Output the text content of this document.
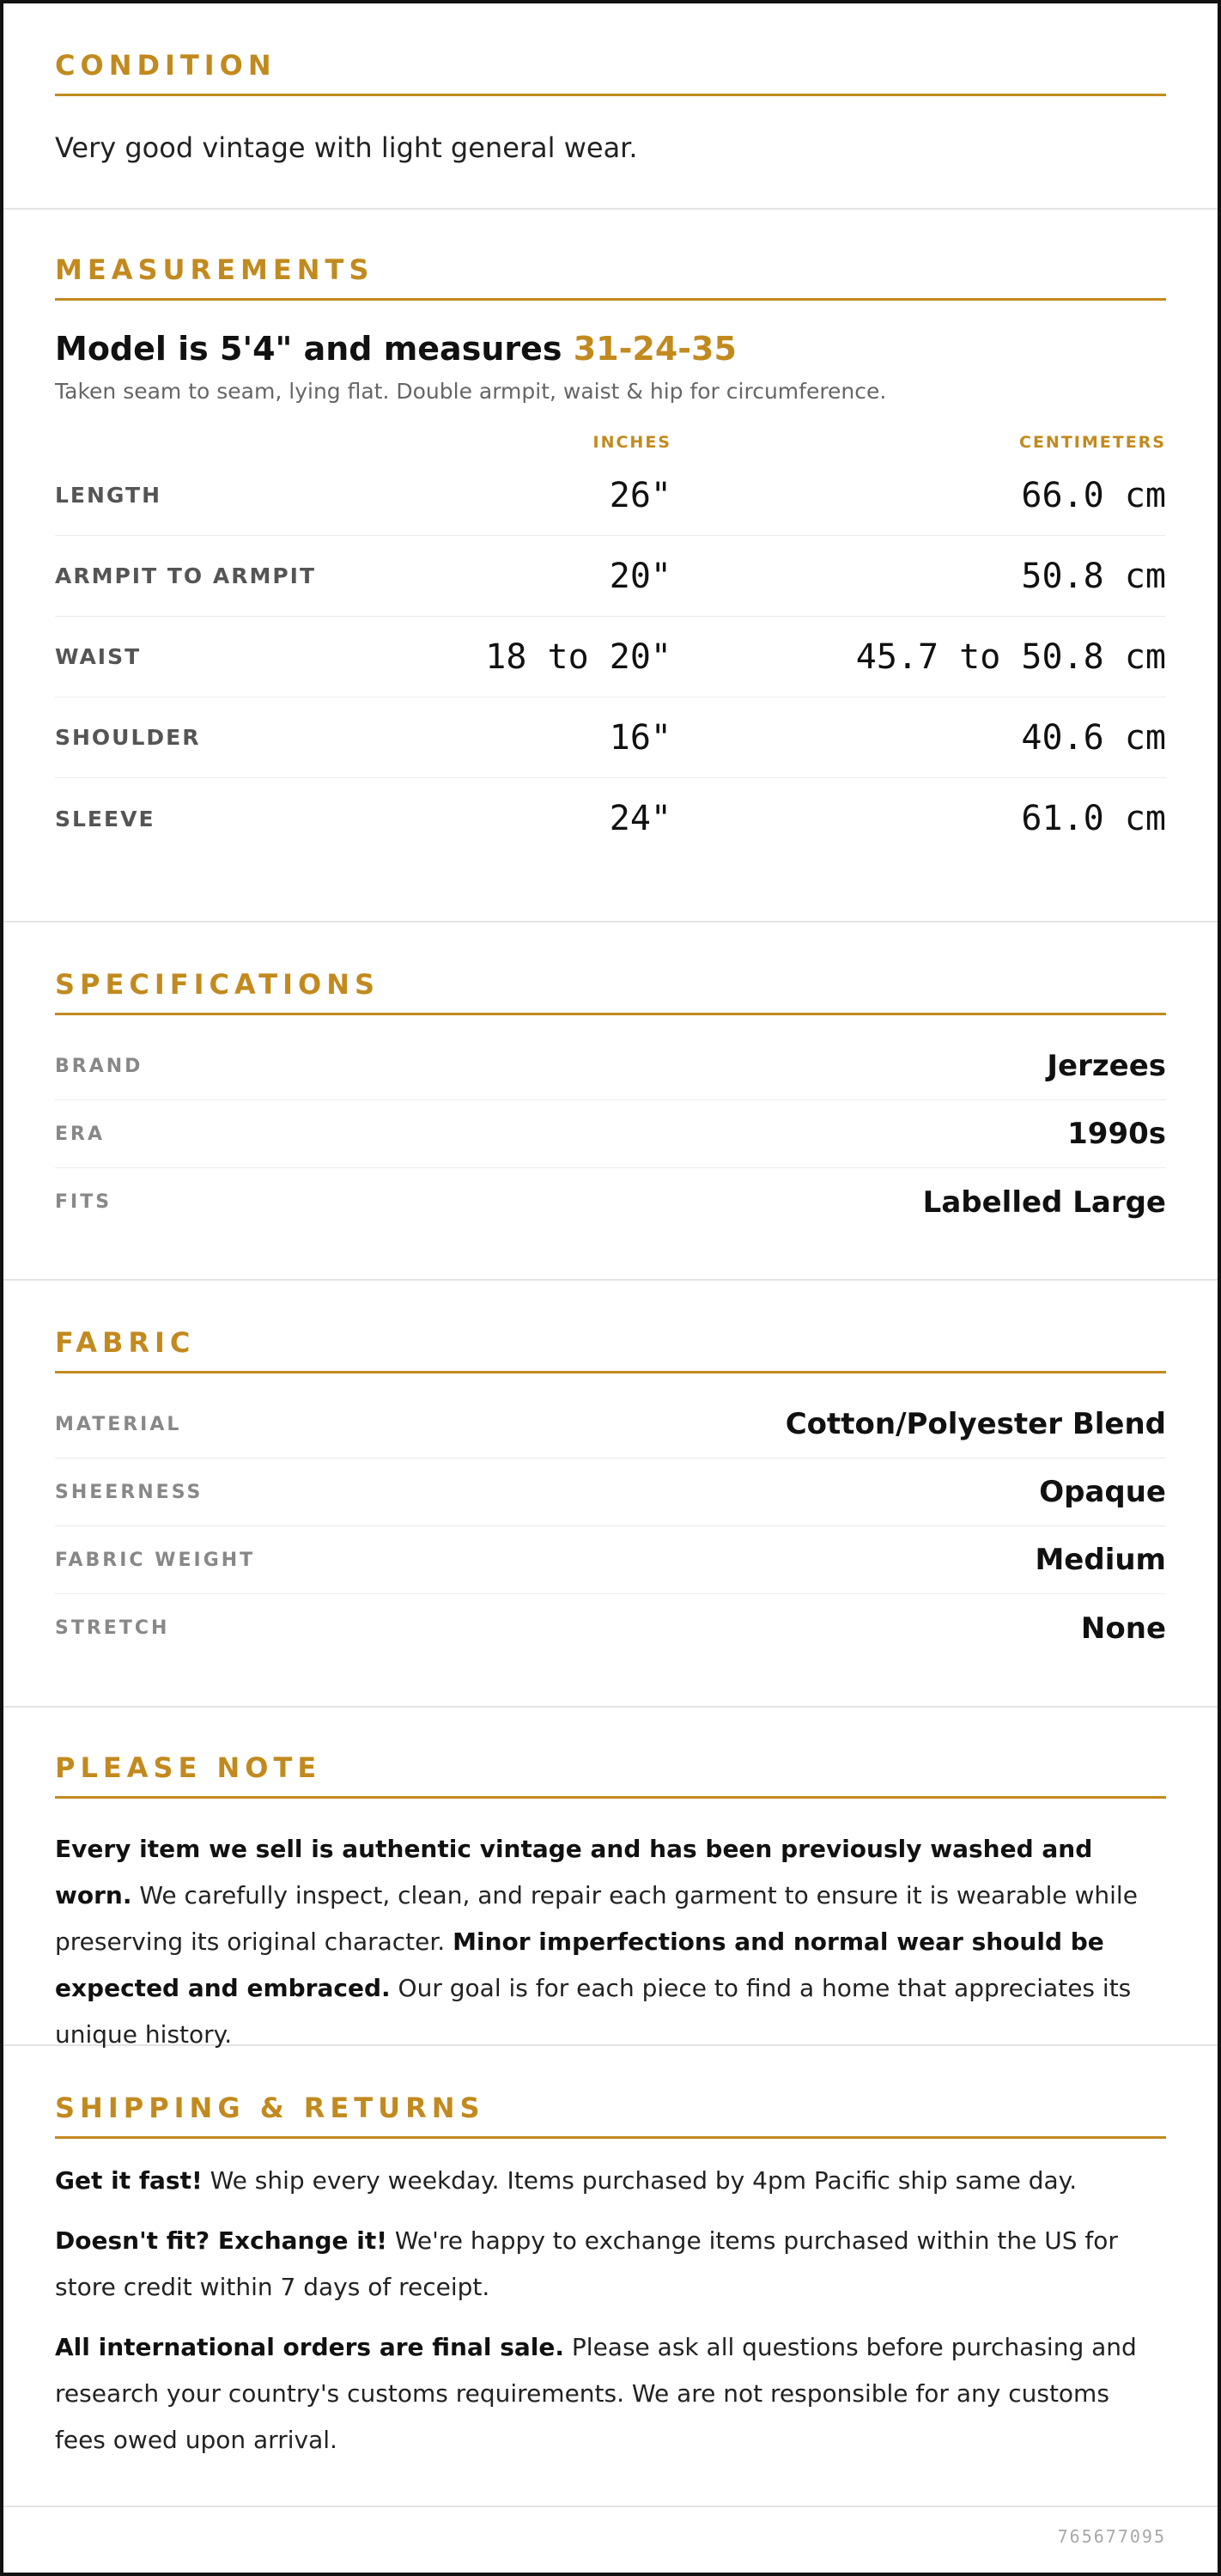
CONDITION
Very good vintage with light general wear.
MEASUREMENTS
Model is 5'4" and measures 31-24-35
Taken seam to seam, lying flat. Double armpit, waist & hip for circumference.
INCHES	CENTIMETERS
LENGTH	26"	66.0 cm
ARMPIT TO ARMPIT	20"	50.8 cm
WAIST	18 to 20"	45.7 to 50.8 cm
SHOULDER	16"	40.6 cm
SLEEVE	24"	61.0 cm
SPECIFICATIONS
BRAND	Jerzees
ERA	1990s
FITS	Labelled Large
FABRIC
MATERIAL	Cotton/Polyester Blend
SHEERNESS	Opaque
FABRIC WEIGHT	Medium
STRETCH	None
PLEASE NOTE
Every item we sell is authentic vintage and has been previously washed and worn. We carefully inspect, clean, and repair each garment to ensure it is wearable while preserving its original character. Minor imperfections and normal wear should be expected and embraced. Our goal is for each piece to find a home that appreciates its unique history.
SHIPPING & RETURNS

Get it fast! We ship every weekday. Items purchased by 4pm Pacific ship same day.

Doesn't fit? Exchange it! We're happy to exchange items purchased within the US for store credit within 7 days of receipt.

All international orders are final sale. Please ask all questions before purchasing and research your country's customs requirements. We are not responsible for any customs fees owed upon arrival.

765677095
